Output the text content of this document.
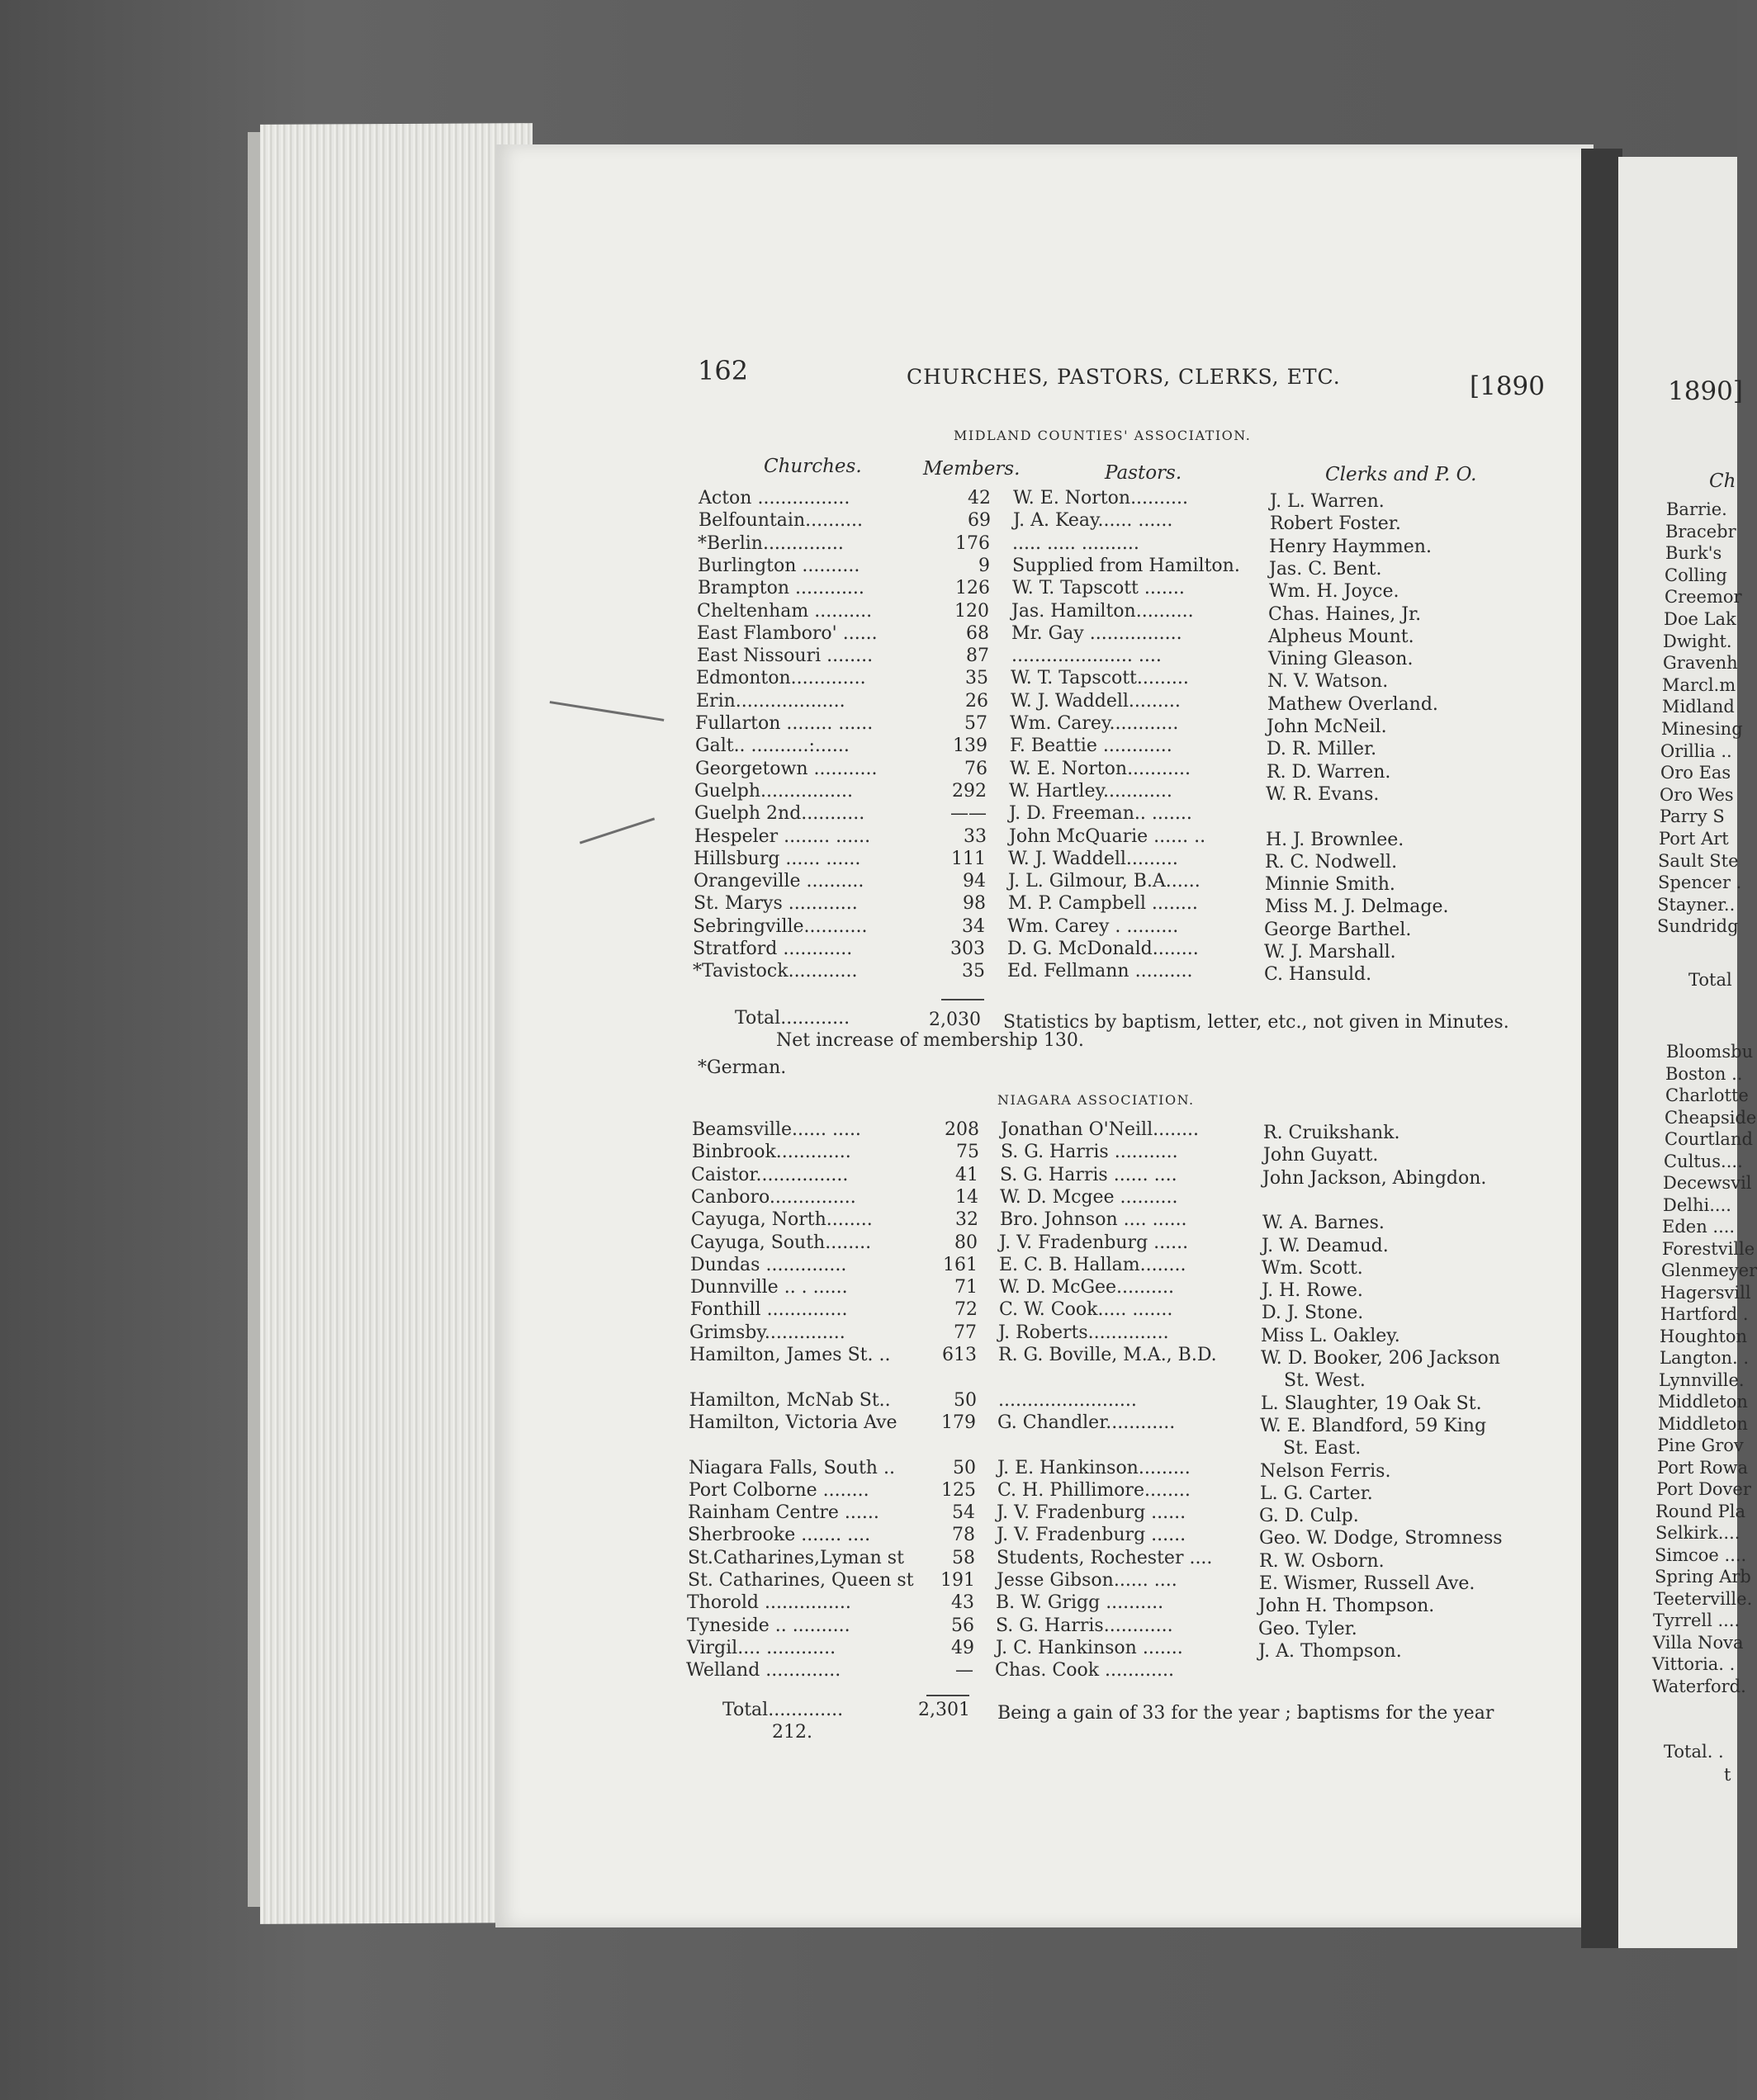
162	CHURCHES, PASTORS, CLERKS, ETC.	[1890
MIDLAND COUNTIES' ASSOCIATION.
Churches.	Members.	Pastors.	Clerks and P. O.
Acton ................	42 W. E. Norton..........	J. L. Warren.
Belfountain..........	69 J. A. Keay...... ......	Robert Foster.
*Berlin..............	176 ..... ..... ..........	Henry Haymmen.
Burlington ..........	9 Supplied from Hamilton.	Jas. C. Bent.
Brampton ............	126 W. T. Tapscott .......	Wm. H. Joyce.
Cheltenham ..........	120 Jas. Hamilton..........	Chas. Haines, Jr.
East Flamboro' ......	68 Mr. Gay ................	Alpheus Mount.
East Nissouri ........	87 ..................... ....	Vining Gleason.
Edmonton.............	35 W. T. Tapscott.........	N. V. Watson.
Erin...................	26 W. J. Waddell.........	Mathew Overland.
Fullarton ........ ......	57 Wm. Carey............	John McNeil.
Galt.. ..........:......	139 F. Beattie ............	D. R. Miller.
Georgetown ...........	76 W. E. Norton...........	R. D. Warren.
Guelph................	292 W. Hartley............	W. R. Evans.
Guelph 2nd...........	—— J. D. Freeman.. .......
Hespeler ........ ......	33 John McQuarie ...... ..	H. J. Brownlee.
Hillsburg ...... ......	111 W. J. Waddell.........	R. C. Nodwell.
Orangeville ..........	94 J. L. Gilmour, B.A......	Minnie Smith.
St. Marys ............	98 M. P. Campbell ........	Miss M. J. Delmage.
Sebringville...........	34 Wm. Carey . .........	George Barthel.
Stratford ............	303 D. G. McDonald........	W. J. Marshall.
*Tavistock............	35 Ed. Fellmann ..........	C. Hansuld.
Total............	2,030 Statistics by baptism, letter, etc., not given in Minutes.
Net increase of membership 130.
*German.
NIAGARA ASSOCIATION.
Beamsville...... .....	208 Jonathan O'Neill........	R. Cruikshank.
Binbrook.............	75 S. G. Harris ...........	John Guyatt.
Caistor................	41 S. G. Harris ...... ....	John Jackson, Abingdon.
Canboro...............	14 W. D. Mcgee ..........
Cayuga, North........	32 Bro. Johnson .... ......	W. A. Barnes.
Cayuga, South........	80 J. V. Fradenburg ......	J. W. Deamud.
Dundas ..............	161 E. C. B. Hallam........	Wm. Scott.
Dunnville .. . ......	71 W. D. McGee..........	J. H. Rowe.
Fonthill ..............	72 C. W. Cook..... .......	D. J. Stone.
Grimsby..............	77 J. Roberts..............	Miss L. Oakley.
Hamilton, James St. ..	613 R. G. Boville, M.A., B.D.	W. D. Booker, 206 Jackson
St. West.
Hamilton, McNab St..	50 ........................	L. Slaughter, 19 Oak St.
Hamilton, Victoria Ave	179 G. Chandler............	W. E. Blandford, 59 King
St. East.
Niagara Falls, South ..	50 J. E. Hankinson.........	Nelson Ferris.
Port Colborne ........	125 C. H. Phillimore........	L. G. Carter.
Rainham Centre ......	54 J. V. Fradenburg ......	G. D. Culp.
Sherbrooke ....... ....	78 J. V. Fradenburg ......	Geo. W. Dodge, Stromness
St.Catharines,Lyman st	58 Students, Rochester ....	R. W. Osborn.
St. Catharines, Queen st	191 Jesse Gibson...... ....	E. Wismer, Russell Ave.
Thorold ...............	43 B. W. Grigg ..........	John H. Thompson.
Tyneside .. ..........	56 S. G. Harris............	Geo. Tyler.
Virgil.... ............	49 J. C. Hankinson .......	J. A. Thompson.
Welland .............	— Chas. Cook ............
Total.............	2,301 Being a gain of 33 for the year ; baptisms for the year
212.
1890]
Ch
Barrie.
Bracebr
Burk's
Colling
Creemor
Doe Lak
Dwight.
Gravenh
Marcl.m
Midland
Minesing
Orillia ..
Oro Eas
Oro Wes
Parry S
Port Art
Sault Ste
Spencer .
Stayner..
Sundridg
Total
Bloomsbu
Boston ..
Charlotte
Cheapside
Courtland
Cultus....
Decewsvil
Delhi....
Eden ....
Forestville
Glenmeyer
Hagersvill
Hartford .
Houghton
Langton. .
Lynnville.
Middleton
Middleton
Pine Grov
Port Rowa
Port Dover
Round Pla
Selkirk....
Simcoe ....
Spring Arb
Teeterville.
Tyrrell ....
Villa Nova
Vittoria. .
Waterford.
Total. .
t
